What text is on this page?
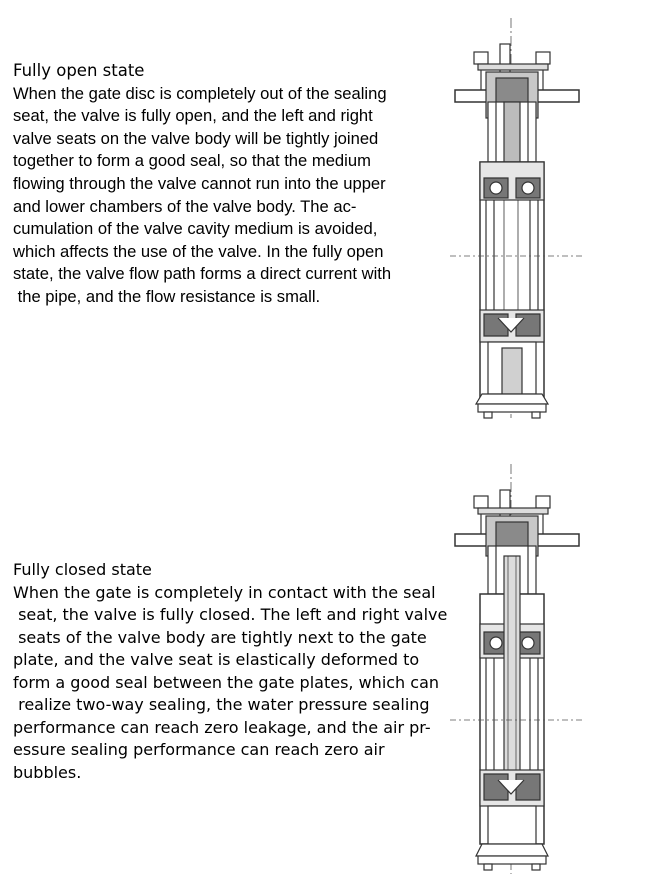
Fully open state
When the gate disc is completely out of the sealing
seat, the valve is fully open, and the left and right
valve seats on the valve body will be tightly joined
together to form a good seal, so that the medium
flowing through the valve cannot run into the upper
and lower chambers of the valve body. The ac-
cumulation of the valve cavity medium is avoided,
which affects the use of the valve. In the fully open
state, the valve flow path forms a direct current with
the pipe, and the flow resistance is small.
Fully closed state
When the gate is completely in contact with the seal
seat, the valve is fully closed. The left and right valve
seats of the valve body are tightly next to the gate
plate, and the valve seat is elastically deformed to
form a good seal between the gate plates, which can
realize two-way sealing, the water pressure sealing
performance can reach zero leakage, and the air pr-
essure sealing performance can reach zero air
bubbles.
